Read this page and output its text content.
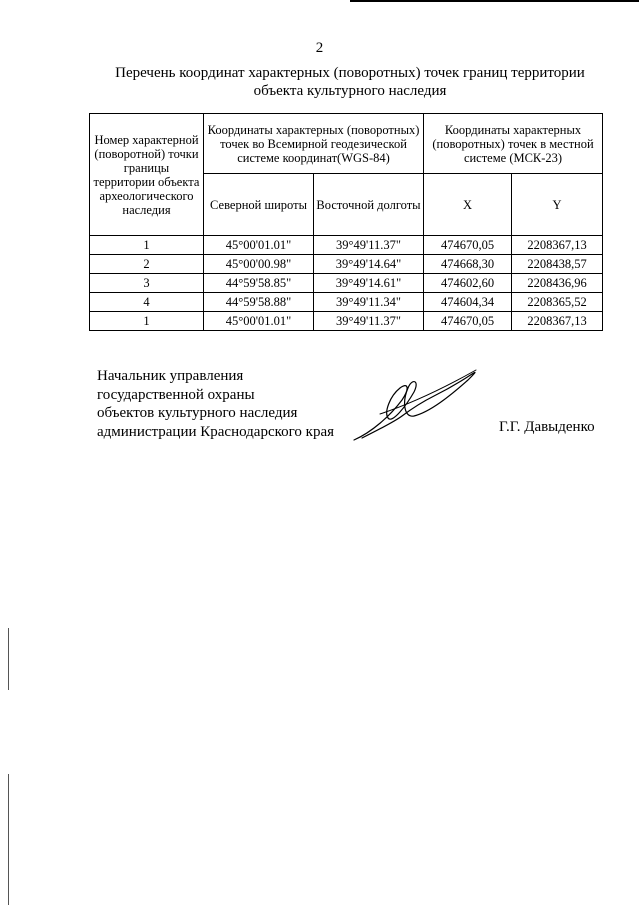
2
Перечень координат характерных (поворотных) точек границ территории
объекта культурного наследия
Номер характерной (поворотной) точки границы территории объекта археологического наследия	Координаты характерных (поворотных) точек во Всемирной геодезической системе координат(WGS-84)		Координаты характерных (поворотных) точек в местной системе (МСК-23)	
	Северной широты	Восточной долготы	X	Y
1	45°00'01.01"	39°49'11.37"	474670,05	2208367,13
2	45°00'00.98"	39°49'14.64"	474668,30	2208438,57
3	44°59'58.85"	39°49'14.61"	474602,60	2208436,96
4	44°59'58.88"	39°49'11.34"	474604,34	2208365,52
1	45°00'01.01"	39°49'11.37"	474670,05	2208367,13
Начальник управления
государственной охраны
объектов культурного наследия
администрации Краснодарского края	Г.Г. Давыденко
